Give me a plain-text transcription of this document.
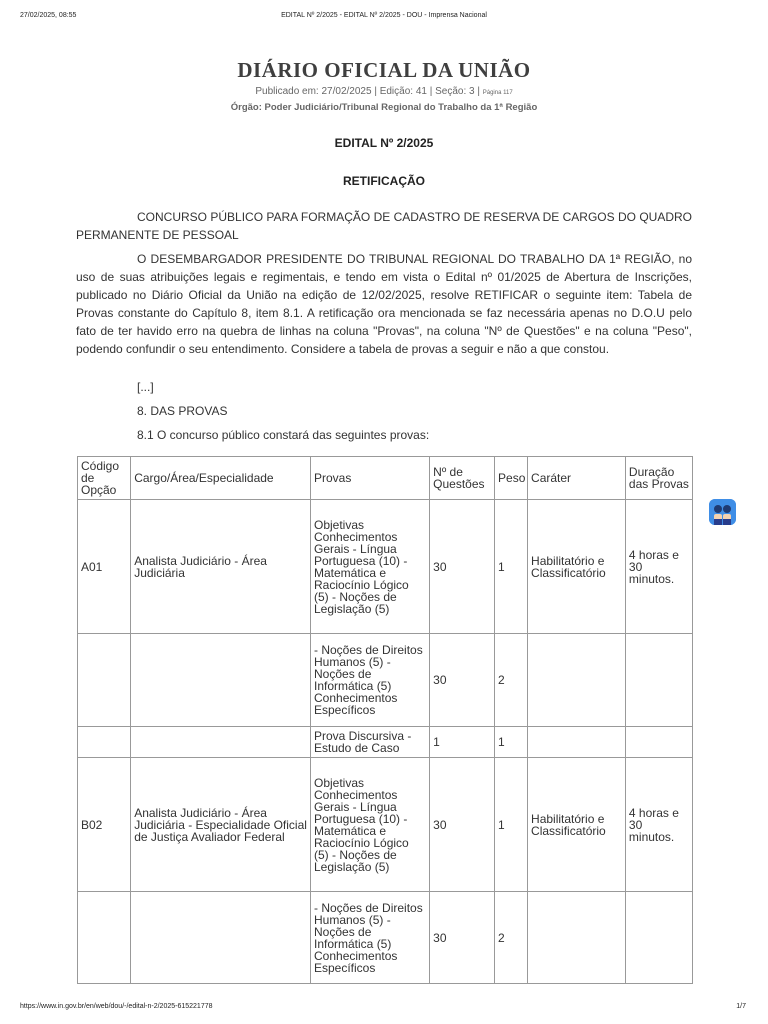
27/02/2025, 08:55	EDITAL Nº 2/2025 - EDITAL Nº 2/2025 - DOU - Imprensa Nacional
DIÁRIO OFICIAL DA UNIÃO
Publicado em: 27/02/2025 | Edição: 41 | Seção: 3 | Página 117
Órgão: Poder Judiciário/Tribunal Regional do Trabalho da 1ª Região
EDITAL Nº 2/2025
RETIFICAÇÃO
CONCURSO PÚBLICO PARA FORMAÇÃO DE CADASTRO DE RESERVA DE CARGOS DO QUADRO PERMANENTE DE PESSOAL
O DESEMBARGADOR PRESIDENTE DO TRIBUNAL REGIONAL DO TRABALHO DA 1ª REGIÃO, no uso de suas atribuições legais e regimentais, e tendo em vista o Edital nº 01/2025 de Abertura de Inscrições, publicado no Diário Oficial da União na edição de 12/02/2025, resolve RETIFICAR o seguinte item: Tabela de Provas constante do Capítulo 8, item 8.1. A retificação ora mencionada se faz necessária apenas no D.O.U pelo fato de ter havido erro na quebra de linhas na coluna "Provas", na coluna "Nº de Questões" e na coluna "Peso", podendo confundir o seu entendimento. Considere a tabela de provas a seguir e não a que constou.
[...]
8. DAS PROVAS
8.1 O concurso público constará das seguintes provas:
Código de Opção	Cargo/Área/Especialidade	Provas	Nº de Questões	Peso	Caráter	Duração das Provas
A01	Analista Judiciário - Área Judiciária	Objetivas Conhecimentos Gerais - Língua Portuguesa (10) - Matemática e Raciocínio Lógico (5) - Noções de Legislação (5)	30	1	Habilitatório e Classificatório	4 horas e 30 minutos.
		- Noções de Direitos Humanos (5) - Noções de Informática (5) Conhecimentos Específicos	30	2		
		Prova Discursiva - Estudo de Caso	1	1		
B02	Analista Judiciário - Área Judiciária - Especialidade Oficial de Justiça Avaliador Federal	Objetivas Conhecimentos Gerais - Língua Portuguesa (10) - Matemática e Raciocínio Lógico (5) - Noções de Legislação (5)	30	1	Habilitatório e Classificatório	4 horas e 30 minutos.
		- Noções de Direitos Humanos (5) - Noções de Informática (5) Conhecimentos Específicos	30	2		
https://www.in.gov.br/en/web/dou/-/edital-n-2/2025-615221778	1/7
